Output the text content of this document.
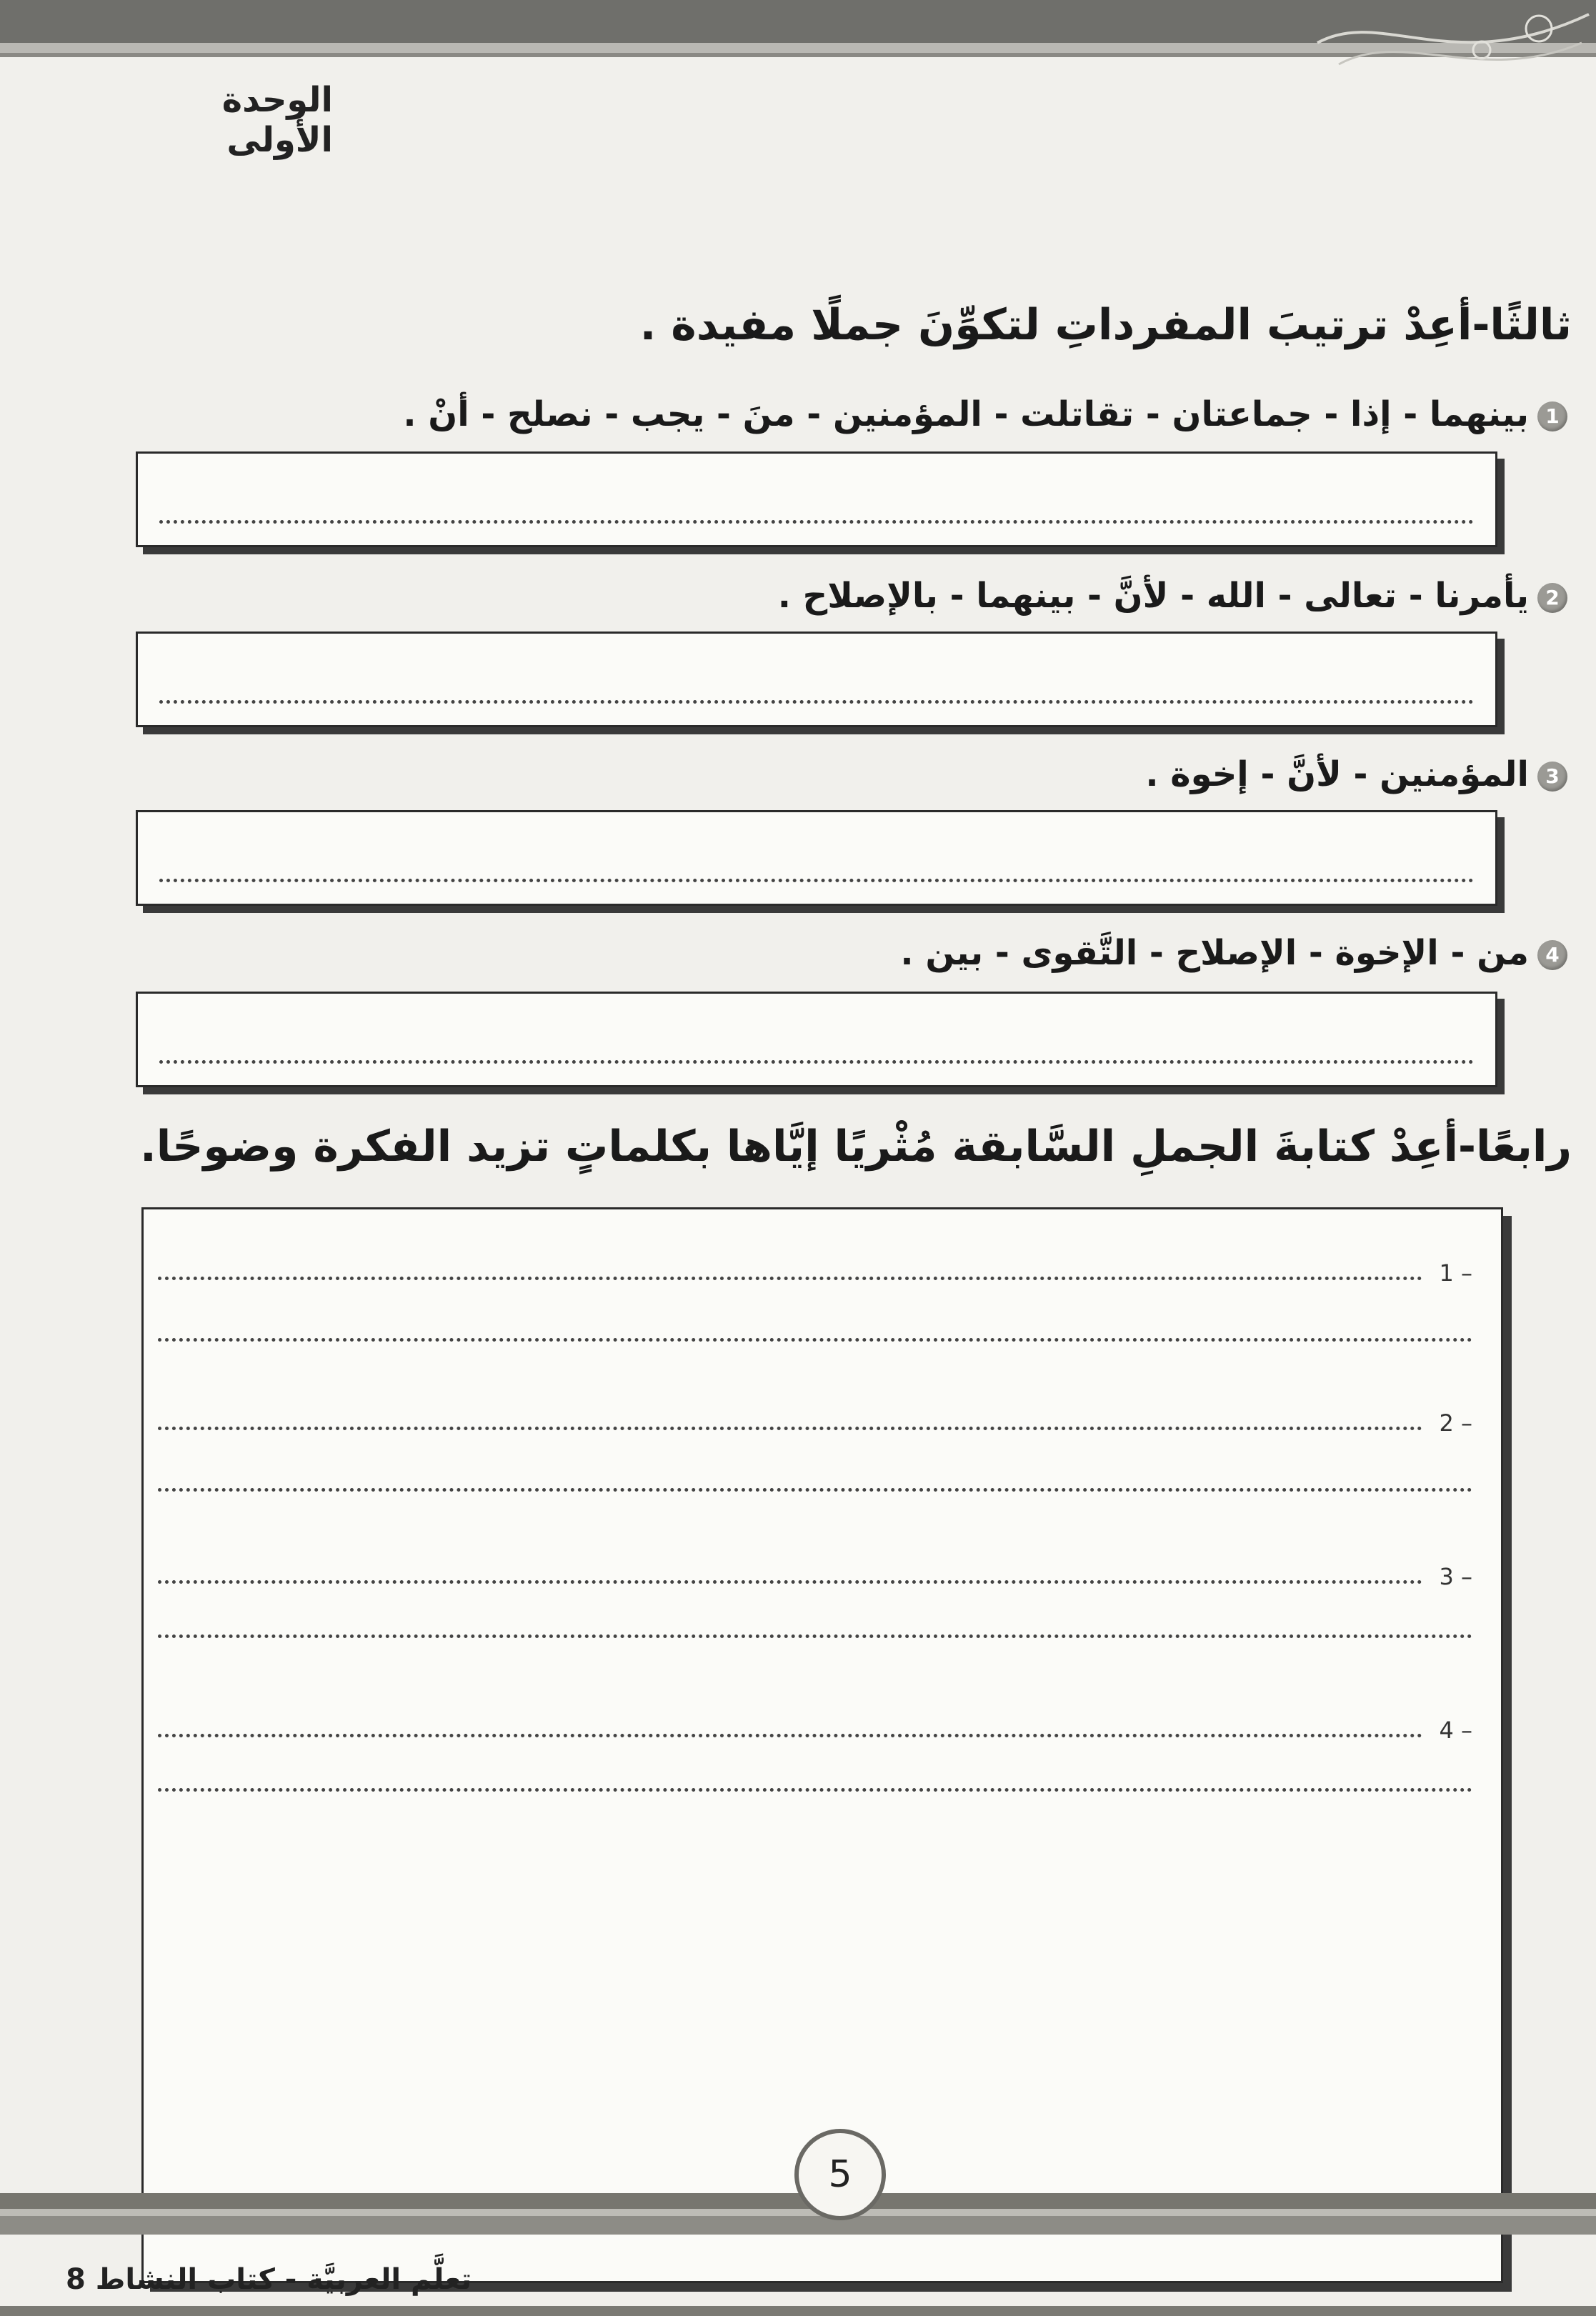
الوحدة الأولى
ثالثًا-أعِدْ ترتيبَ المفرداتِ لتكوِّنَ جملًا مفيدة .
1بينهما - إذا - جماعتان - تقاتلت - المؤمنين - منَ - يجب - نصلح - أنْ .
2يأمرنا - تعالى - الله - لأنَّ - بينهما - بالإصلاح .
3المؤمنين - لأنَّ - إخوة .
4من - الإخوة - الإصلاح - التَّقوى - بين .
رابعًا-أعِدْ كتابةَ الجملِ السَّابقة مُثْريًا إيَّاها بكلماتٍ تزيد الفكرة وضوحًا.
1 –
2 –
3 –
4 –
5
تعلَّم العربيَّة - كتاب النشاط 8
